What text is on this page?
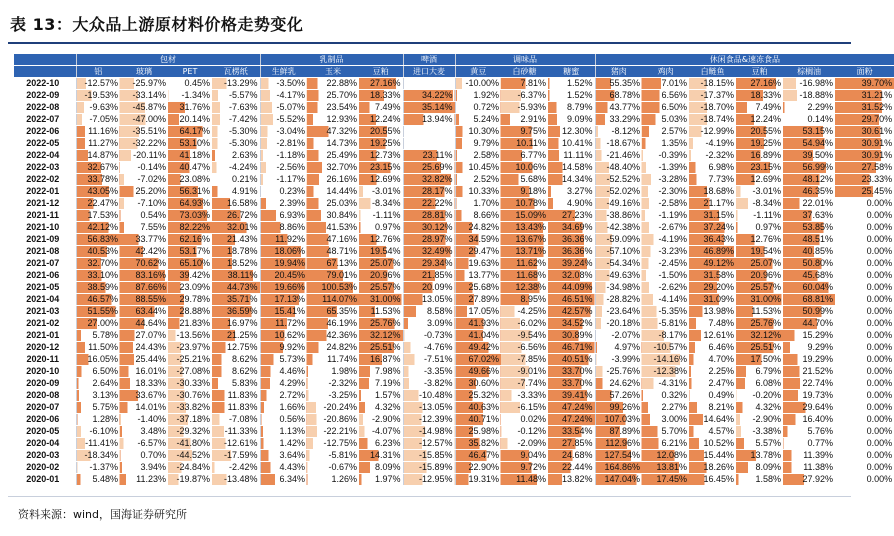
表 13：大众品上游原材料价格走势变化
	包材				乳制品			啤酒	调味品			休闲食品&速冻食品					
	铝	玻璃	PET	瓦楞纸	生鲜乳	玉米	豆粕	进口大麦	黄豆	白砂糖	糖蜜	猪肉	鸡肉	白鲢鱼	豆粕	棕榈油	面粉
2022-10	-12.57%	-25.97%	0.45%	-13.29%	-3.50%	22.88%	27.16%		-10.00%	7.81%	1.52%	55.35%	7.01%	-18.15%	27.16%	-16.98%	39.70%
2022-09	-19.53%	-33.14%	-1.34%	-5.57%	-4.17%	25.70%	18.33%	34.22%	1.92%	-6.37%	1.52%	68.78%	6.56%	-17.37%	18.33%	-18.88%	31.21%
2022-08	-9.63%	-45.87%	31.76%	-7.63%	-5.07%	23.54%	7.49%	35.14%	0.72%	-5.93%	8.79%	43.77%	6.50%	-18.70%	7.49%	2.29%	31.52%
2022-07	-7.05%	-47.00%	20.14%	-7.42%	-5.52%	12.93%	12.24%	13.94%	5.24%	2.91%	9.09%	33.29%	5.03%	-18.74%	12.24%	0.14%	29.70%
2022-06	11.16%	-35.51%	64.17%	-5.30%	-3.04%	47.32%	20.55%		10.30%	9.75%	12.30%	-8.12%	2.57%	-12.99%	20.55%	53.15%	30.61%
2022-05	11.27%	-32.22%	53.10%	-5.30%	-2.81%	14.73%	19.25%		9.79%	10.11%	10.41%	-18.67%	1.35%	-4.19%	19.25%	54.94%	30.91%
2022-04	14.87%	-20.11%	41.18%	2.63%	-1.18%	25.49%	12.73%	23.11%	2.58%	6.77%	11.11%	-21.46%	-0.39%	-2.32%	16.89%	39.50%	30.91%
2022-03	32.67%	-0.14%	40.47%	-4.24%	-2.56%	32.70%	23.15%	25.69%	10.45%	10.06%	14.58%	-48.40%	-1.39%	6.98%	23.15%	56.99%	27.58%
2022-02	33.78%	-7.02%	23.08%	0.21%	-1.17%	26.16%	12.69%	32.82%	2.52%	5.68%	14.34%	-52.52%	-3.28%	7.73%	12.69%	48.12%	23.33%
2022-01	43.05%	25.20%	56.31%	4.91%	0.23%	14.44%	-3.01%	28.17%	10.33%	9.18%	3.27%	-52.02%	-2.30%	18.68%	-3.01%	46.35%	25.45%
2021-12	22.47%	-7.10%	64.93%	16.58%	2.39%	25.03%	-8.34%	22.22%	1.70%	10.78%	4.90%	-49.16%	-2.58%	21.17%	-8.34%	22.01%	0.00%
2021-11	17.53%	0.54%	73.03%	26.72%	6.93%	30.84%	-1.11%	28.81%	8.66%	15.09%	27.23%	-38.86%	-1.19%	31.15%	-1.11%	37.63%	0.00%
2021-10	42.12%	7.55%	82.22%	32.01%	8.86%	41.53%	0.97%	30.12%	24.82%	13.43%	34.69%	-42.38%	-2.67%	37.24%	0.97%	53.85%	0.00%
2021-09	56.83%	33.77%	62.16%	21.43%	11.92%	47.16%	12.76%	28.97%	34.59%	13.67%	36.36%	-59.09%	-4.19%	36.43%	12.76%	48.51%	0.00%
2021-08	40.53%	42.42%	53.17%	18.78%	18.06%	48.71%	19.54%	32.49%	29.47%	13.71%	36.36%	-57.10%	-3.23%	46.89%	19.54%	40.85%	0.00%
2021-07	32.70%	70.62%	65.10%	18.52%	19.94%	67.13%	25.07%	29.34%	19.63%	11.62%	39.24%	-54.34%	-2.45%	49.12%	25.07%	50.80%	0.00%
2021-06	33.10%	83.16%	39.42%	38.11%	20.45%	79.01%	20.96%	21.85%	13.77%	11.68%	32.08%	-49.63%	-1.50%	31.58%	20.96%	45.68%	0.00%
2021-05	38.59%	87.66%	23.09%	44.73%	19.66%	100.53%	25.57%	20.09%	25.68%	12.38%	44.09%	-34.98%	-2.62%	29.20%	25.57%	60.04%	0.00%
2021-04	46.57%	88.55%	29.78%	35.71%	17.13%	114.07%	31.00%	13.05%	27.89%	8.95%	46.51%	-28.82%	-4.14%	31.09%	31.00%	68.81%	0.00%
2021-03	51.55%	63.44%	28.88%	36.59%	15.41%	65.35%	11.53%	8.58%	17.05%	-4.25%	42.57%	-23.64%	-5.35%	13.98%	11.53%	50.99%	0.00%
2021-02	27.00%	44.64%	21.83%	16.97%	11.72%	46.19%	25.76%	3.09%	41.93%	-6.02%	34.52%	-20.18%	-5.81%	7.48%	25.76%	44.70%	0.00%
2021-01	5.78%	27.07%	-13.56%	21.25%	10.62%	42.36%	32.12%	-0.73%	41.04%	-9.54%	30.89%	-2.07%	-8.17%	12.61%	32.12%	15.29%	0.00%
2020-12	11.50%	24.43%	-23.97%	12.75%	9.92%	24.82%	25.51%	-4.76%	49.42%	-6.56%	46.71%	4.97%	-10.57%	6.46%	25.51%	9.29%	0.00%
2020-11	16.05%	25.44%	-25.21%	8.62%	5.73%	11.74%	16.87%	-7.51%	67.02%	-7.85%	40.51%	-3.99%	-14.16%	4.70%	17.50%	19.29%	0.00%
2020-10	6.50%	16.01%	-27.08%	8.62%	4.46%	1.98%	7.98%	-3.35%	49.66%	-9.01%	33.70%	-25.76%	-12.38%	2.25%	6.79%	21.52%	0.00%
2020-09	2.64%	18.33%	-30.33%	5.83%	4.29%	-2.32%	7.19%	-3.82%	30.60%	-7.74%	33.70%	24.62%	-4.31%	2.47%	6.08%	22.74%	0.00%
2020-08	3.13%	33.67%	-30.76%	11.83%	2.72%	-3.25%	1.57%	-10.48%	25.32%	-3.33%	39.41%	57.26%	0.32%	0.49%	-0.20%	19.73%	0.00%
2020-07	5.75%	14.01%	-33.82%	11.83%	1.66%	-20.24%	4.32%	-13.05%	40.63%	-6.15%	47.24%	99.26%	2.27%	8.21%	4.32%	29.64%	0.00%
2020-06	1.28%	-1.40%	-37.18%	-7.08%	0.56%	-20.86%	-2.90%	-12.39%	40.71%	0.02%	47.24%	107.03%	3.00%	14.64%	-2.90%	16.40%	0.00%
2020-05	-6.10%	3.48%	-29.32%	-11.33%	1.13%	-22.21%	-4.07%	-14.98%	25.98%	-0.12%	33.54%	87.89%	5.70%	4.57%	-3.38%	5.76%	0.00%
2020-04	-11.41%	-6.57%	-41.80%	-12.61%	1.42%	-12.75%	6.23%	-12.57%	35.82%	-2.09%	27.85%	112.96%	6.21%	10.52%	5.57%	0.77%	0.00%
2020-03	-18.34%	0.70%	-44.52%	-17.59%	3.64%	-5.81%	14.31%	-15.85%	46.47%	9.04%	24.68%	127.54%	12.08%	15.44%	13.78%	11.39%	0.00%
2020-02	-1.37%	3.94%	-24.84%	-2.42%	4.43%	-0.67%	8.09%	-15.89%	22.90%	9.72%	22.44%	164.86%	13.81%	18.26%	8.09%	11.38%	0.00%
2020-01	5.48%	11.23%	-19.87%	-13.48%	6.34%	1.26%	1.97%	-12.95%	19.31%	11.48%	13.82%	147.04%	17.45%	16.45%	1.58%	27.92%	0.00%
资料来源：wind，国海证券研究所
